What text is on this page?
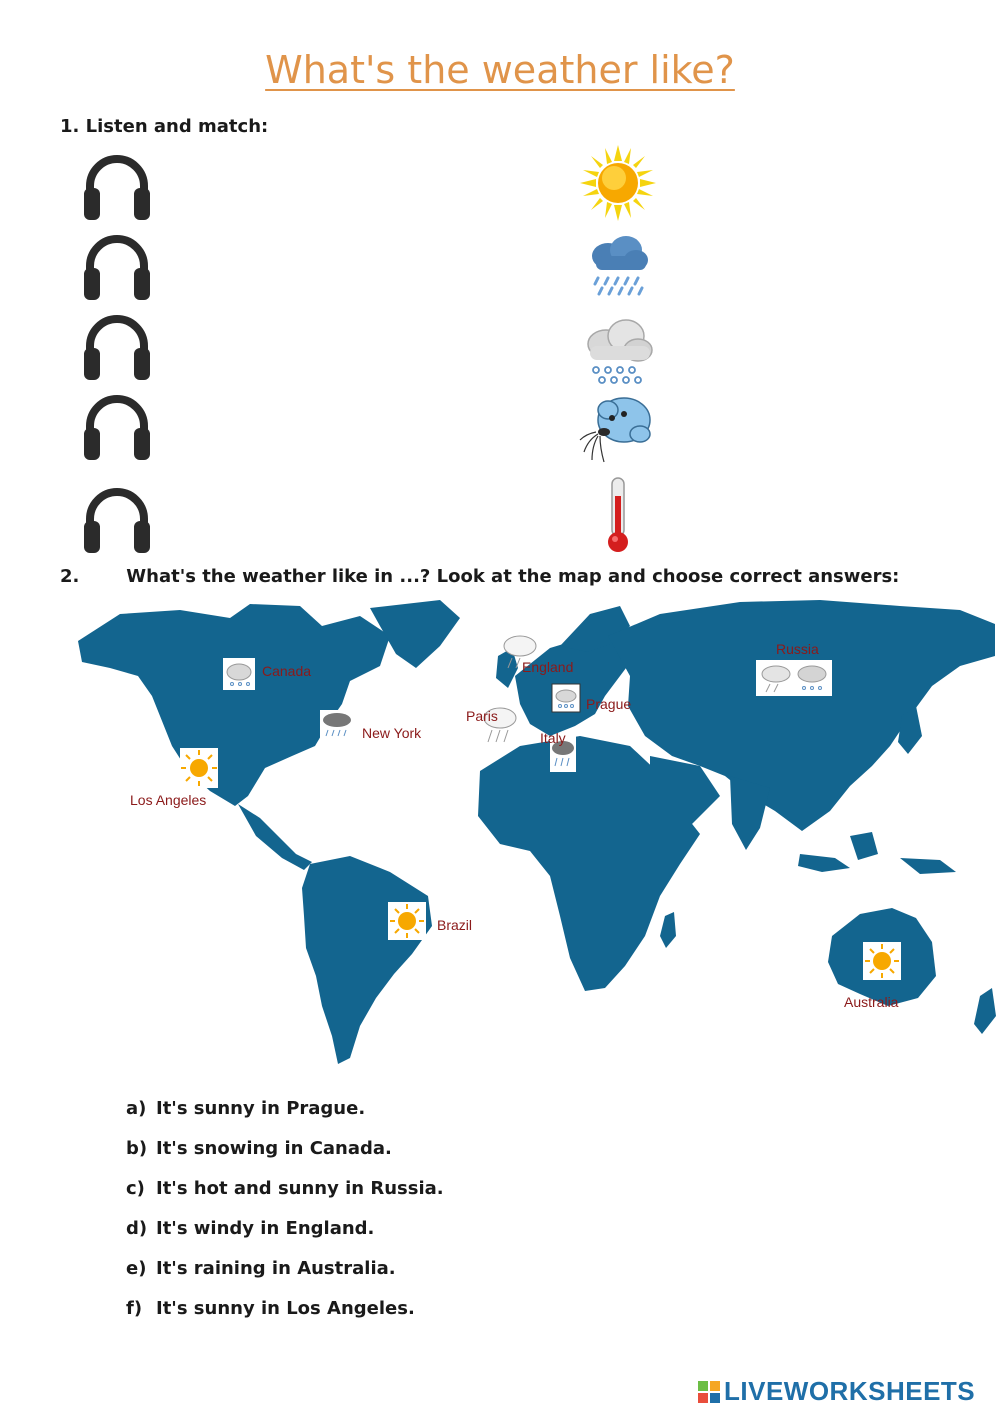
What's the weather like?
1. Listen and match:
2.	What's the weather like in ...? Look at the map and choose correct answers:
Canada
New York
Los Angeles
Brazil
England
Paris
Prague
Italy
Russia
Australia
a) It's sunny in Prague.
b) It's snowing in Canada.
c) It's hot and sunny in Russia.
d) It's windy in England.
e) It's raining in Australia.
f) It's sunny in Los Angeles.
LIVEWORKSHEETS
